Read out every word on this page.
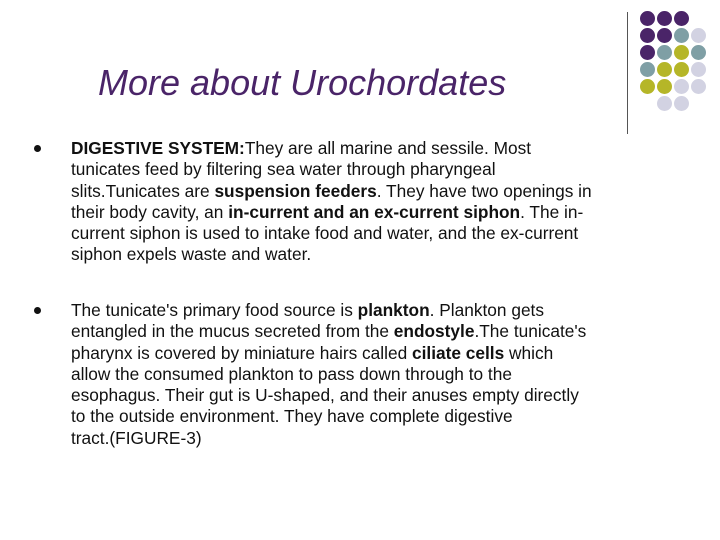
More about Urochordates
DIGESTIVE SYSTEM:They are all marine and sessile. Most
tunicates feed by filtering sea water through pharyngeal
slits.Tunicates are suspension feeders. They have two openings in
their body cavity, an in-current and an ex-current siphon. The in-
current siphon is used to intake food and water, and the ex-current
siphon expels waste and water.
The tunicate's primary food source is plankton. Plankton gets
entangled in the mucus secreted from the endostyle.The tunicate's
pharynx is covered by miniature hairs called ciliate cells which
allow the consumed plankton to pass down through to the
esophagus. Their gut is U-shaped, and their anuses empty directly
to the outside environment. They have complete digestive
tract.(FIGURE-3)
